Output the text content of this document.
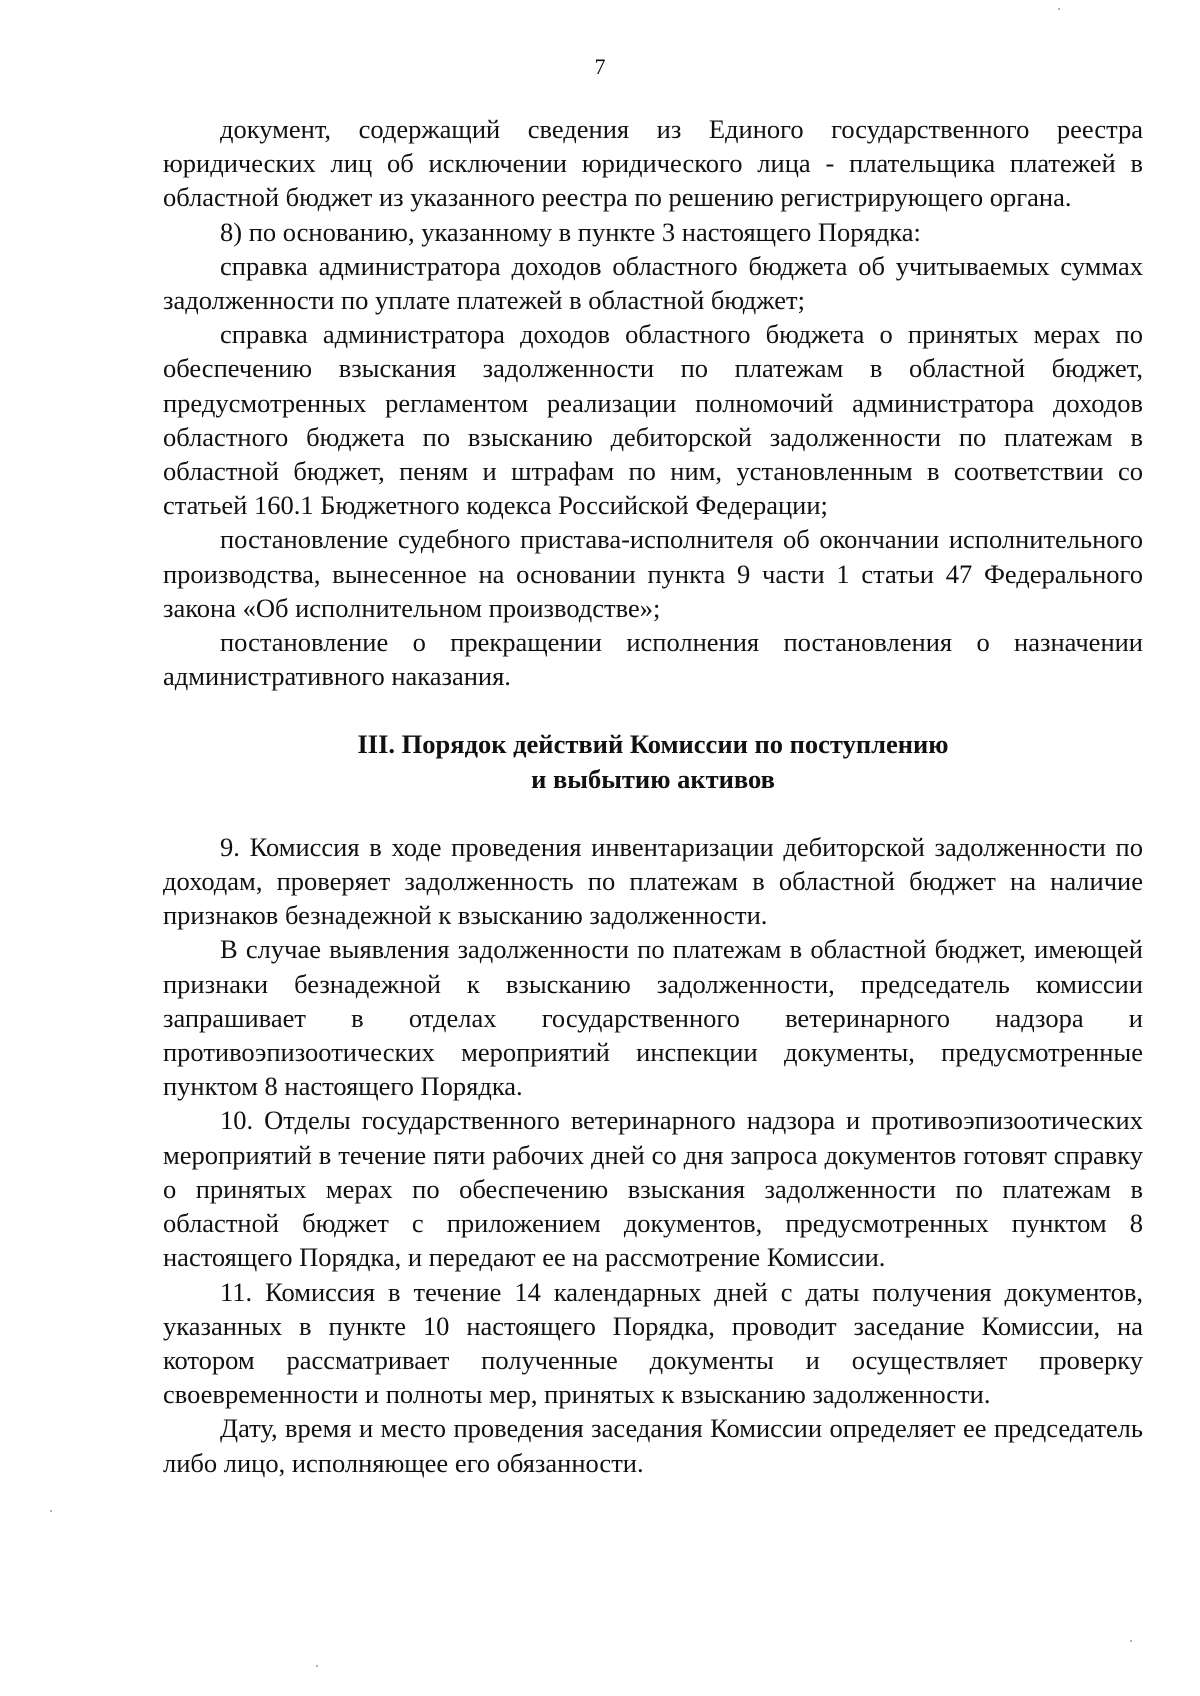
7

документ, содержащий сведения из Единого государственного реестра юридических лиц об исключении юридического лица - плательщика платежей в областной бюджет из указанного реестра по решению регистрирующего органа.

8) по основанию, указанному в пункте 3 настоящего Порядка:

справка администратора доходов областного бюджета об учитываемых суммах задолженности по уплате платежей в областной бюджет;

справка администратора доходов областного бюджета о принятых мерах по обеспечению взыскания задолженности по платежам в областной бюджет, предусмотренных регламентом реализации полномочий администратора доходов областного бюджета по взысканию дебиторской задолженности по платежам в областной бюджет, пеням и штрафам по ним, установленным в соответствии со статьей 160.1 Бюджетного кодекса Российской Федерации;

постановление судебного пристава-исполнителя об окончании исполнительного производства, вынесенное на основании пункта 9 части 1 статьи 47 Федерального закона «Об исполнительном производстве»;

постановление о прекращении исполнения постановления о назначении административного наказания.

III. Порядок действий Комиссии по поступлению
и выбытию активов

9. Комиссия в ходе проведения инвентаризации дебиторской задолженности по доходам, проверяет задолженность по платежам в областной бюджет на наличие признаков безнадежной к взысканию задолженности.

В случае выявления задолженности по платежам в областной бюджет, имеющей признаки безнадежной к взысканию задолженности, председатель комиссии запрашивает в отделах государственного ветеринарного надзора и противоэпизоотических мероприятий инспекции документы, предусмотренные пунктом 8 настоящего Порядка.

10. Отделы государственного ветеринарного надзора и противоэпизоотических мероприятий в течение пяти рабочих дней со дня запроса документов готовят справку о принятых мерах по обеспечению взыскания задолженности по платежам в областной бюджет с приложением документов, предусмотренных пунктом 8 настоящего Порядка, и передают ее на рассмотрение Комиссии.

11. Комиссия в течение 14 календарных дней с даты получения документов, указанных в пункте 10 настоящего Порядка, проводит заседание Комиссии, на котором рассматривает полученные документы и осуществляет проверку своевременности и полноты мер, принятых к взысканию задолженности.

Дату, время и место проведения заседания Комиссии определяет ее председатель либо лицо, исполняющее его обязанности.
